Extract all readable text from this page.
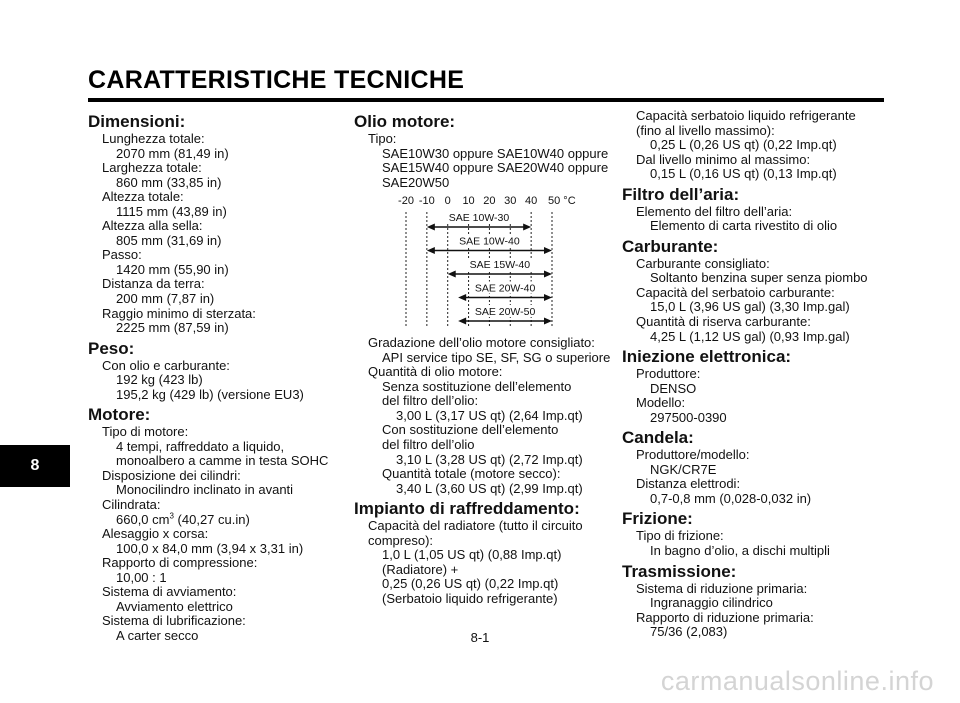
CARATTERISTICHE TECNICHE
Dimensioni:
Lunghezza totale:
2070 mm (81,49 in)
Larghezza totale:
860 mm (33,85 in)
Altezza totale:
1115 mm (43,89 in)
Altezza alla sella:
805 mm (31,69 in)
Passo:
1420 mm (55,90 in)
Distanza da terra:
200 mm (7,87 in)
Raggio minimo di sterzata:
2225 mm (87,59 in)
Peso:
Con olio e carburante:
192 kg (423 lb)
195,2 kg (429 lb) (versione EU3)
Motore:
Tipo di motore:
4 tempi, raffreddato a liquido,
monoalbero a camme in testa SOHC
Disposizione dei cilindri:
Monocilindro inclinato in avanti
Cilindrata:
660,0 $cm^3$ (40,27 cu.in)
Alesaggio x corsa:
100,0 x 84,0 mm (3,94 x 3,31 in)
Rapporto di compressione:
10,00 : 1
Sistema di avviamento:
Avviamento elettrico
Sistema di lubrificazione:
A carter secco
Olio motore:
Tipo:
SAE10W30 oppure SAE10W40 oppure
SAE15W40 oppure SAE20W40 oppure
SAE20W50
-20 -10 0 10 20 30 40 50 °C
SAE 10W-30
SAE 10W-40
SAE 15W-40
SAE 20W-40
SAE 20W-50
Gradazione dell’olio motore consigliato:
API service tipo SE, SF, SG o superiore
Quantità di olio motore:
Senza sostituzione dell’elemento
del filtro dell’olio:
3,00 L (3,17 US qt) (2,64 Imp.qt)
Con sostituzione dell’elemento
del filtro dell’olio
3,10 L (3,28 US qt) (2,72 Imp.qt)
Quantità totale (motore secco):
3,40 L (3,60 US qt) (2,99 Imp.qt)
Impianto di raffreddamento:
Capacità del radiatore (tutto il circuito
compreso):
1,0 L (1,05 US qt) (0,88 Imp.qt)
(Radiatore) +
0,25 (0,26 US qt) (0,22 Imp.qt)
(Serbatoio liquido refrigerante)
Capacità serbatoio liquido refrigerante
(fino al livello massimo):
0,25 L (0,26 US qt) (0,22 Imp.qt)
Dal livello minimo al massimo:
0,15 L (0,16 US qt) (0,13 Imp.qt)
Filtro dell’aria:
Elemento del filtro dell’aria:
Elemento di carta rivestito di olio
Carburante:
Carburante consigliato:
Soltanto benzina super senza piombo
Capacità del serbatoio carburante:
15,0 L (3,96 US gal) (3,30 Imp.gal)
Quantità di riserva carburante:
4,25 L (1,12 US gal) (0,93 Imp.gal)
Iniezione elettronica:
Produttore:
DENSO
Modello:
297500-0390
Candela:
Produttore/modello:
NGK/CR7E
Distanza elettrodi:
0,7-0,8 mm (0,028-0,032 in)
Frizione:
Tipo di frizione:
In bagno d’olio, a dischi multipli
Trasmissione:
Sistema di riduzione primaria:
Ingranaggio cilindrico
Rapporto di riduzione primaria:
75/36 (2,083)
8
8-1
carmanualsonline.info
